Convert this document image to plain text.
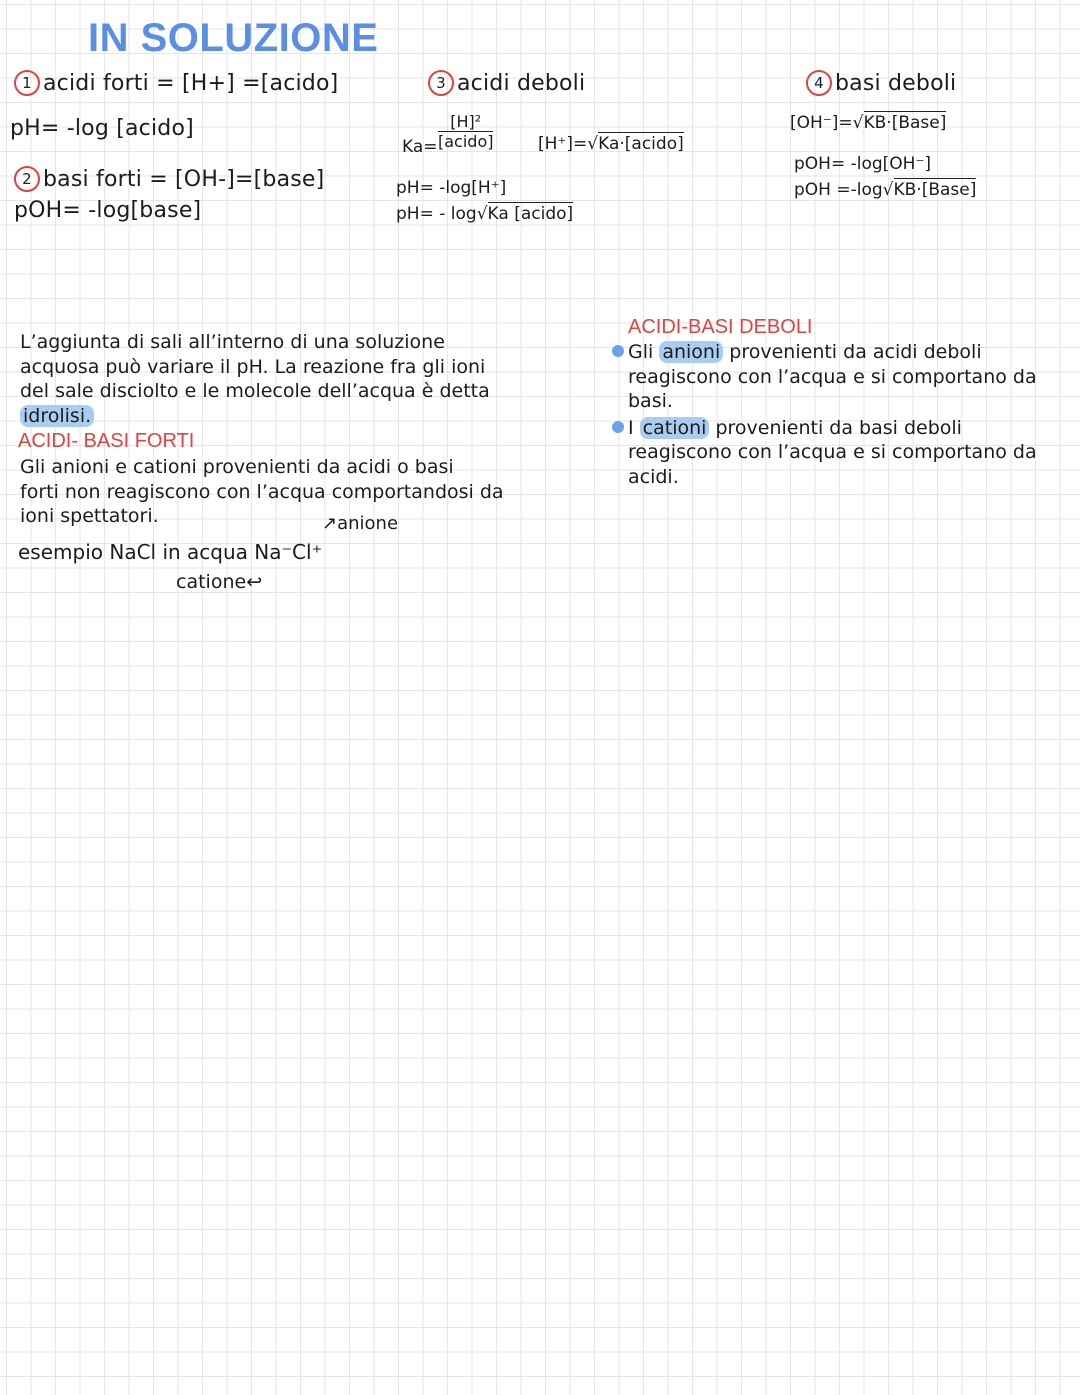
IN SOLUZIONE
1 acidi forti = [H+] =[acido]
pH= -log [acido]
2 basi forti = [OH-]=[base]
pOH= -log[base]
3 acidi deboli
Ka=
[H]²
[acido]	[H⁺]=√Ka·[acido]
pH= -log[H⁺]
pH= - log√Ka [acido]
4 basi deboli
[OH⁻]=√KB·[Base]
pOH= -log[OH⁻]
pOH =-log√KB·[Base]
L’aggiunta di sali all’interno di una soluzione
acquosa può variare il pH. La reazione fra gli ioni
del sale disciolto e le molecole dell’acqua è detta
idrolisi.
ACIDI- BASI FORTI
Gli anioni e cationi provenienti da acidi o basi
forti non reagiscono con l’acqua comportandosi da
ioni spettatori.	↗anione
esempio NaCl in acqua Na⁻Cl⁺
catione↩
ACIDI-BASI DEBOLI
Gli anioni provenienti da acidi deboli
reagiscono con l’acqua e si comportano da
basi.
I cationi provenienti da basi deboli
reagiscono con l’acqua e si comportano da
acidi.
